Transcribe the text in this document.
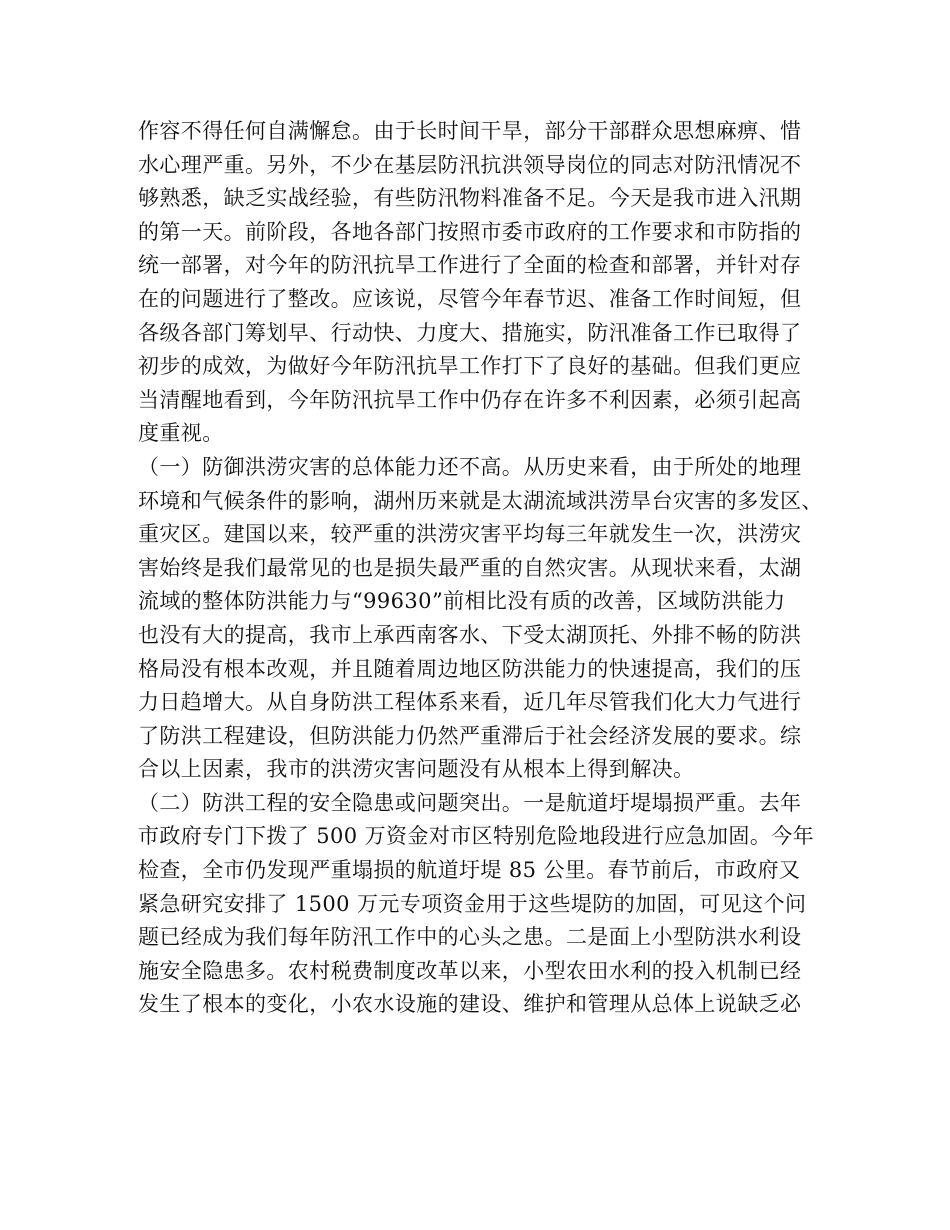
作容不得任何自满懈怠。由于长时间干旱，部分干部群众思想麻痹、惜
水心理严重。另外，不少在基层防汛抗洪领导岗位的同志对防汛情况不
够熟悉，缺乏实战经验，有些防汛物料准备不足。今天是我市进入汛期
的第一天。前阶段，各地各部门按照市委市政府的工作要求和市防指的
统一部署，对今年的防汛抗旱工作进行了全面的检查和部署，并针对存
在的问题进行了整改。应该说，尽管今年春节迟、准备工作时间短，但
各级各部门筹划早、行动快、力度大、措施实，防汛准备工作已取得了
初步的成效，为做好今年防汛抗旱工作打下了良好的基础。但我们更应
当清醒地看到，今年防汛抗旱工作中仍存在许多不利因素，必须引起高
度重视。
（一）防御洪涝灾害的总体能力还不高。从历史来看，由于所处的地理
环境和气候条件的影响，湖州历来就是太湖流域洪涝旱台灾害的多发区、
重灾区。建国以来，较严重的洪涝灾害平均每三年就发生一次，洪涝灾
害始终是我们最常见的也是损失最严重的自然灾害。从现状来看，太湖
流域的整体防洪能力与“99630”前相比没有质的改善，区域防洪能力
也没有大的提高，我市上承西南客水、下受太湖顶托、外排不畅的防洪
格局没有根本改观，并且随着周边地区防洪能力的快速提高，我们的压
力日趋增大。从自身防洪工程体系来看，近几年尽管我们化大力气进行
了防洪工程建设，但防洪能力仍然严重滞后于社会经济发展的要求。综
合以上因素，我市的洪涝灾害问题没有从根本上得到解决。
（二）防洪工程的安全隐患或问题突出。一是航道圩堤塌损严重。去年
市政府专门下拨了 500 万资金对市区特别危险地段进行应急加固。今年
检查，全市仍发现严重塌损的航道圩堤 85 公里。春节前后，市政府又
紧急研究安排了 1500 万元专项资金用于这些堤防的加固，可见这个问
题已经成为我们每年防汛工作中的心头之患。二是面上小型防洪水利设
施安全隐患多。农村税费制度改革以来，小型农田水利的投入机制已经
发生了根本的变化，小农水设施的建设、维护和管理从总体上说缺乏必
